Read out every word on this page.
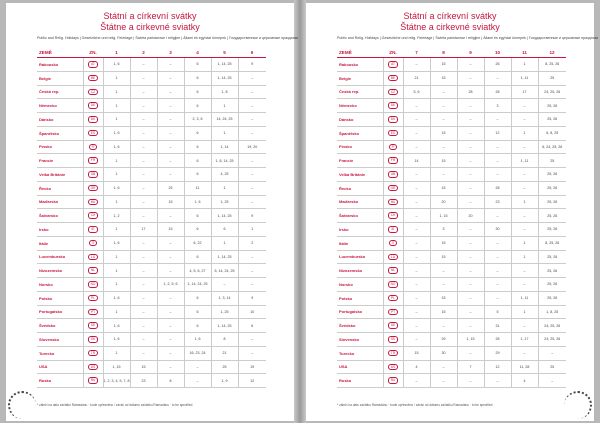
Státní a církevní svátky
Štátne a cirkevné sviatky
Public and Relig. Holidays | Gesetzliche und relig. Feiertage | Świeta państwowe i religijne | Állami és egyházi ünnepek | Государственные и церковные праздники
ZEMĚ	ZN.	1	2	3	4	5	6
Rakousko	AT	1, 6	–	–	6	1, 14, 25	9
Belgie	BE	1	–	–	6	1, 14, 25	–
Česká rep.	CZ	1	–	–	6	1, 8	–
Německo	DE	1	–	–	6	1	–
Dánsko	DK	1	–	–	2, 3, 6	14, 24, 25	–
Španělsko	ES	1, 6	–	–	6	1	–
Finsko	FI	1, 6	–	–	6	1, 14	19, 20
Francie	FR	1	–	–	6	1, 8, 14, 25	–
Velká Británie	GB	1	–	–	6	4, 25	–
Řecko	GR	1, 6	–	25	11	1	–
Maďarsko	HU	1	–	15	1, 6	1, 25	–
Šalvarsko	CH	1, 2	–	–	6	1, 14, 25	9
Irsko	IE	1	17	15	6	6	1
Itálie	IT	1, 6	–	–	6, 22	1	2
Lucembursko	LU	1	–	–	6	1, 14, 25	–
Nizozemsko	NL	1	–	–	4, 5, 6, 27	5, 14, 24, 25	–
Norsko	NO	1	–	1, 2, 5, 6	1, 14, 24, 25	–	–
Polsko	PL	1, 6	–	–	6	1, 3, 14	9
Portugalsko	PT	1	–	–	6	1, 25	10
Švédsko	SE	1, 6	–	–	6	1, 14, 25	6
Slovensko	SK	1, 6	–	–	1, 6	8	–
Turecko	TR	1	–	–	16, 23, 24	21	–
USA	US	1, 15	15	–	–	25	19
Rusko	RU	1, 2, 3, 4, 5, 7, 8	23	8	–	1, 9	12
* záleží na datu začátku Ramadánu · bude upřesněno / závisí od dátumu začiatku Ramadánu · to be specified
Státní a církevní svátky
Štátne a cirkevné sviatky
Public and Relig. Holidays | Gesetzliche und relig. Feiertage | Świeta państwowe i religijne | Állami és egyházi ünnepek | Государственные и церковные праздники
ZEMĚ	ZN.	7	8	9	10	11	12
Rakousko	AT	–	15	–	26	1	8, 25, 26
Belgie	BE	21	15	–	–	1, 11	25
Česká rep.	CZ	5, 6	–	28	28	17	24, 25, 26
Německo	DE	–	–	–	3	–	25, 26
Dánsko	DK	–	–	–	–	–	25, 26
Španělsko	ES	–	15	–	12	1	6, 8, 25
Finsko	FI	–	–	–	–	–	6, 24, 25, 26
Francie	FR	14	15	–	–	1, 11	25
Velká Británie	GB	–	–	–	–	–	25, 26
Řecko	GR	–	15	–	28	–	25, 26
Maďarsko	HU	–	20	–	23	1	25, 26
Šalvarsko	CH	–	1, 15	20	–	–	25, 26
Irsko	IE	–	3	–	30	–	25, 26
Itálie	IT	–	15	–	–	1	8, 25, 26
Lucembursko	LU	–	15	–	–	1	25, 26
Nizozemsko	NL	–	–	–	–	–	25, 26
Norsko	NO	–	–	–	–	–	25, 26
Polsko	PL	–	15	–	–	1, 11	25, 26
Portugalsko	PT	–	15	–	5	1	1, 8, 25
Švédsko	SE	–	–	–	31	–	24, 25, 26
Slovensko	SK	–	29	1, 15	28	1, 17	24, 25, 26
Turecko	TR	15	30	–	29	–	–
USA	US	4	–	7	12	11, 28	25
Rusko	RU	–	–	–	–	4	–
* záleží na datu začátku Ramadánu · bude upřesněno / závisí od dátumu začiatku Ramadánu · to be specified
